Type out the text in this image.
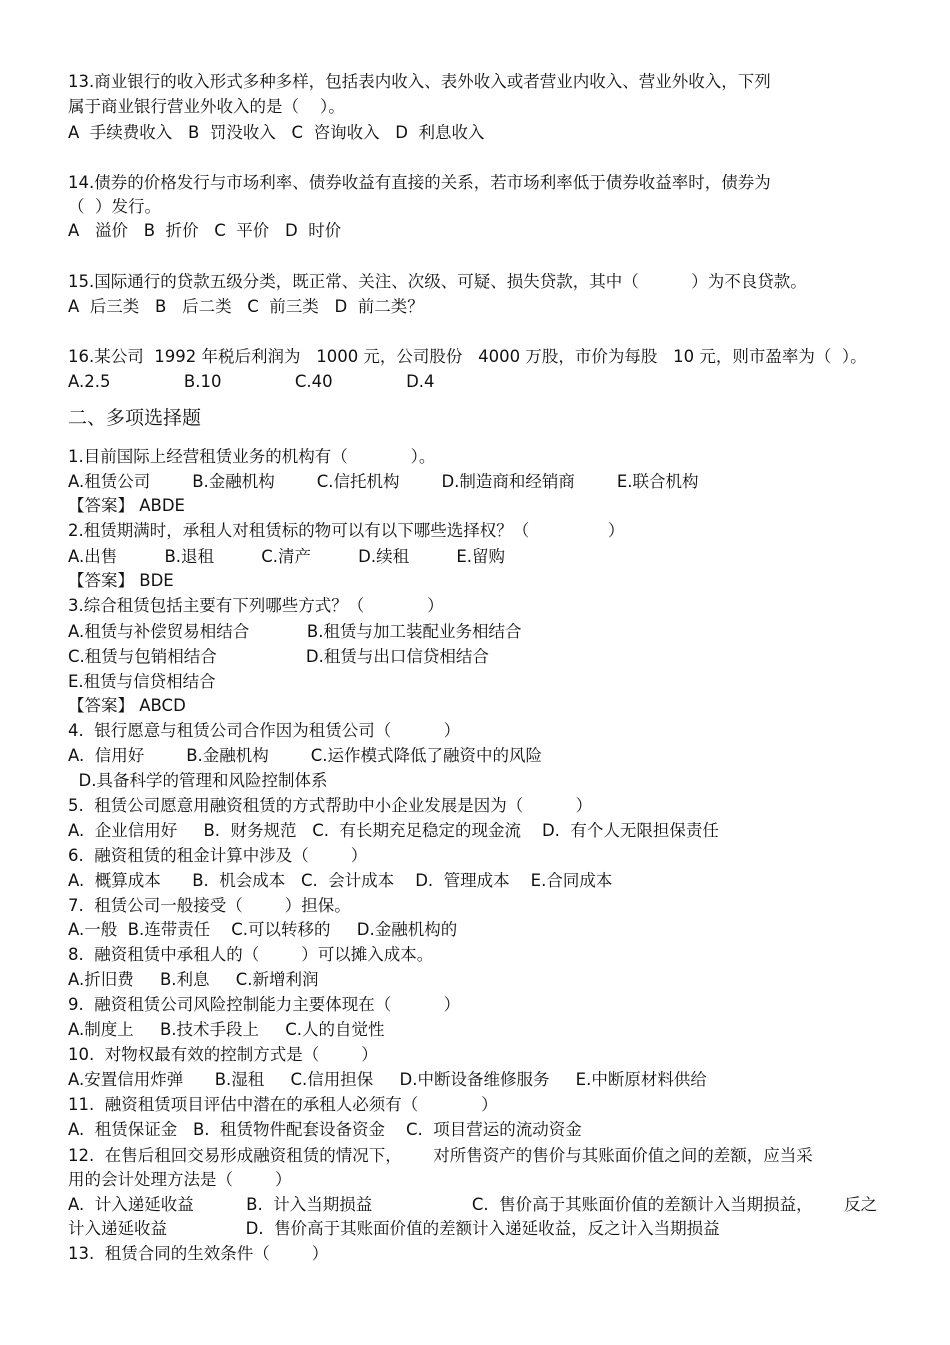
13.商业银行的收入形式多种多样，包括表内收入、表外收入或者营业内收入、营业外收入，下列

属于商业银行营业外收入的是（    ）。

A  手续费收入   B  罚没收入   C  咨询收入   D  利息收入

14.债券的价格发行与市场利率、债券收益有直接的关系，若市场利率低于债券收益率时，债券为

（  ）发行。

A   溢价   B  折价   C  平价   D  时价

15.国际通行的贷款五级分类，既正常、关注、次级、可疑、损失贷款，其中（          ）为不良贷款。

A  后三类   B   后二类   C  前三类   D  前二类？

16.某公司  1992 年税后利润为   1000 元，公司股份   4000 万股，市价为每股   10 元，则市盈率为（  ）。

A.2.5              B.10              C.40              D.4

二、多项选择题

1.目前国际上经营租赁业务的机构有（            ）。

A.租赁公司        B.金融机构        C.信托机构        D.制造商和经销商        E.联合机构

【答案】 ABDE

2.租赁期满时，承租人对租赁标的物可以有以下哪些选择权？（               ）

A.出售         B.退租         C.清产         D.续租         E.留购

【答案】 BDE

3.综合租赁包括主要有下列哪些方式？（            ）

A.租赁与补偿贸易相结合           B.租赁与加工装配业务相结合

C.租赁与包销相结合                 D.租赁与出口信贷相结合

E.租赁与信贷相结合

【答案】 ABCD

4.  银行愿意与租赁公司合作因为租赁公司（          ）

A.  信用好        B.金融机构        C.运作模式降低了融资中的风险

D.具备科学的管理和风险控制体系

5.  租赁公司愿意用融资租赁的方式帮助中小企业发展是因为（          ）

A.  企业信用好     B.  财务规范   C.  有长期充足稳定的现金流    D.  有个人无限担保责任

6.  融资租赁的租金计算中涉及（        ）

A.  概算成本      B.  机会成本   C.  会计成本    D.  管理成本    E.合同成本

7.  租赁公司一般接受（        ）担保。

A.一般  B.连带责任    C.可以转移的     D.金融机构的

8.  融资租赁中承租人的（        ）可以摊入成本。

A.折旧费     B.利息     C.新增利润

9.  融资租赁公司风险控制能力主要体现在（          ）

A.制度上     B.技术手段上     C.人的自觉性

10.  对物权最有效的控制方式是（        ）

A.安置信用炸弹      B.湿租     C.信用担保     D.中断设备维修服务     E.中断原材料供给

11.  融资租赁项目评估中潜在的承租人必须有（            ）

A.  租赁保证金   B.  租赁物件配套设备资金    C.  项目营运的流动资金

12.  在售后租回交易形成融资租赁的情况下，      对所售资产的售价与其账面价值之间的差额，应当采

用的会计处理方法是（        ）

A.  计入递延收益          B.  计入当期损益                   C.  售价高于其账面价值的差额计入当期损益，      反之

计入递延收益               D.  售价高于其账面价值的差额计入递延收益，反之计入当期损益

13.  租赁合同的生效条件（        ）
